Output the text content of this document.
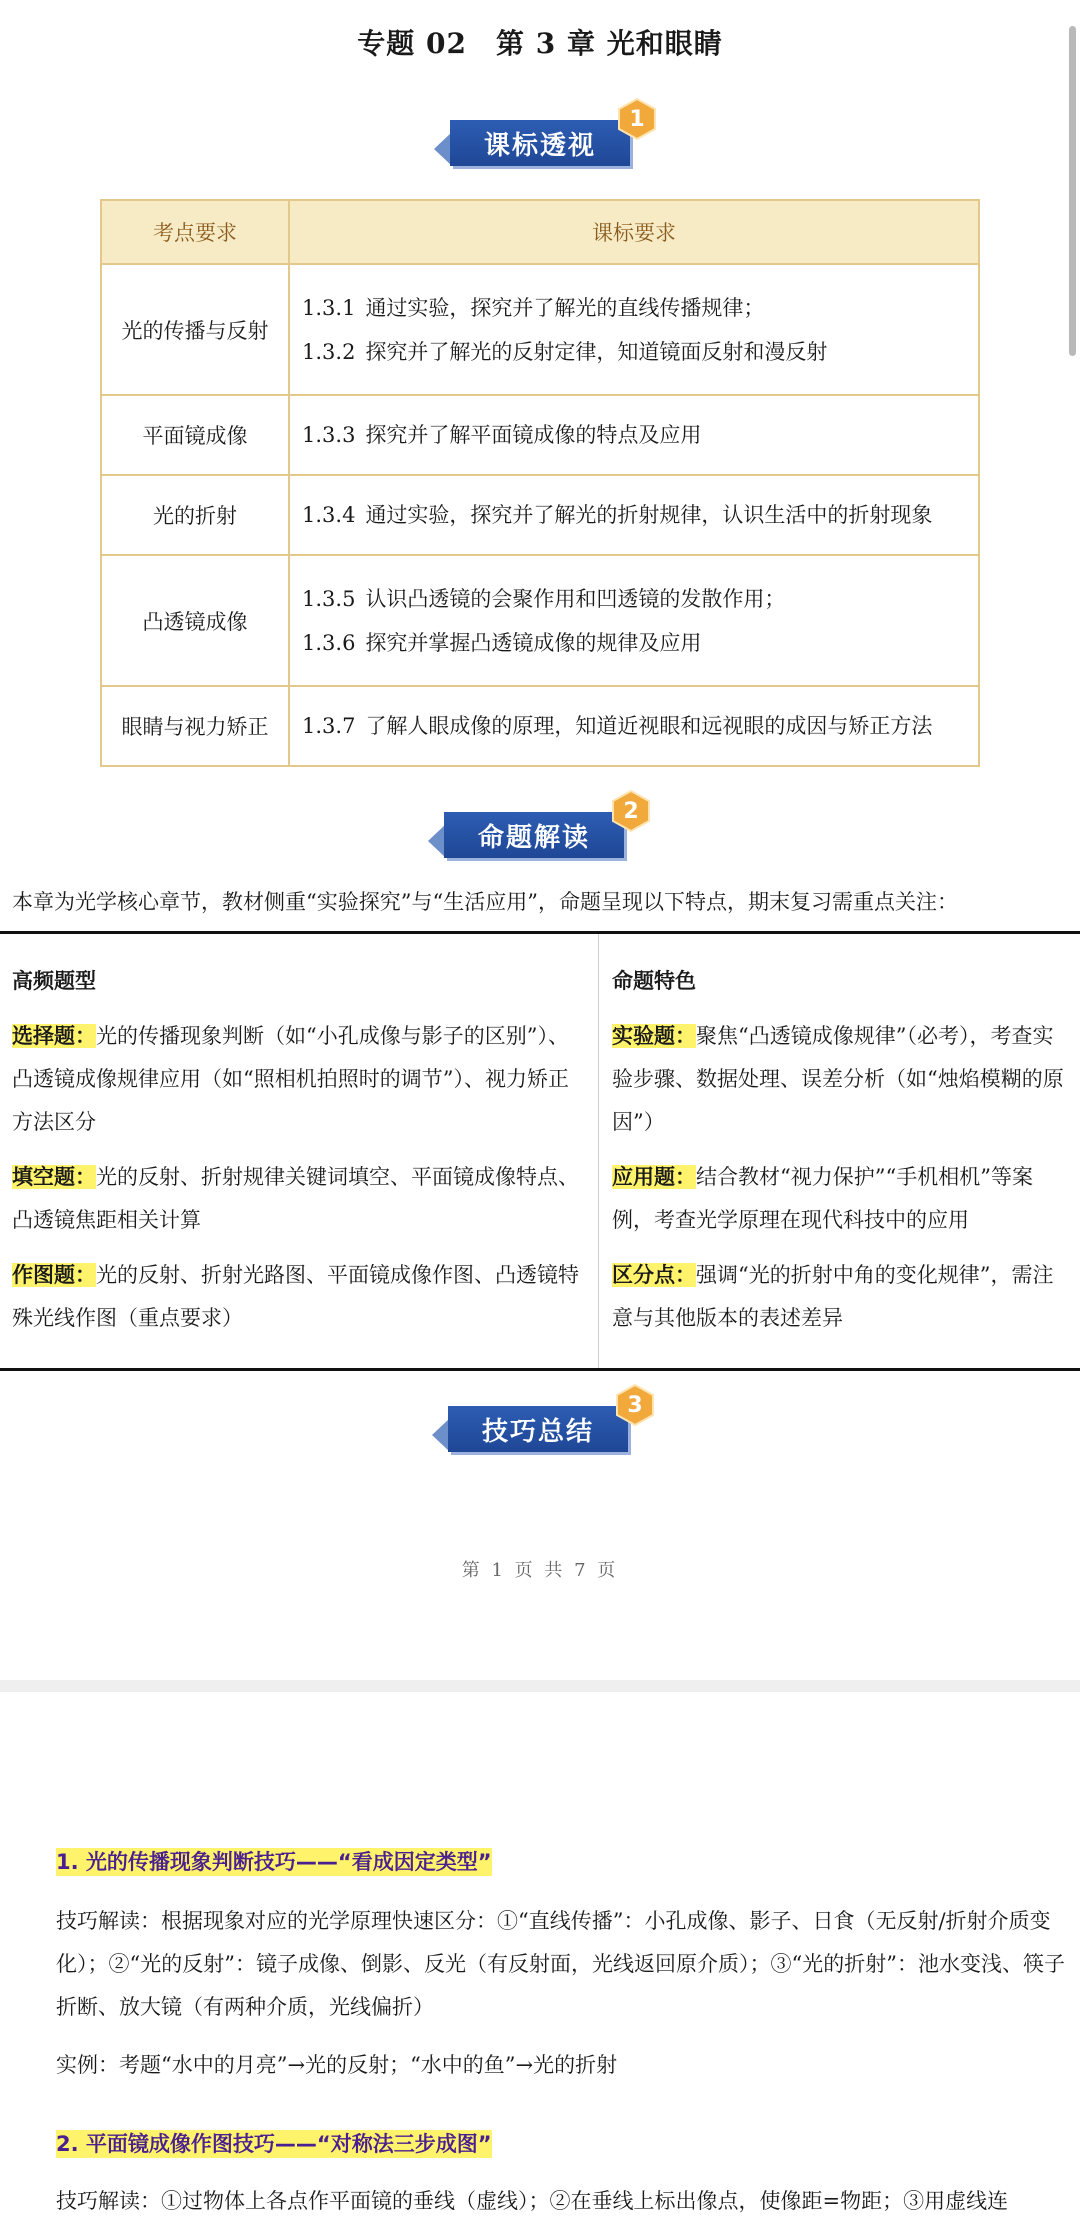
专题 02　第 3 章 光和眼睛
课标透视
1
考点要求	课标要求
光的传播与反射	1.3.1 通过实验，探究并了解光的直线传播规律；
1.3.2 探究并了解光的反射定律，知道镜面反射和漫反射

平面镜成像	1.3.3 探究并了解平面镜成像的特点及应用

光的折射	1.3.4 通过实验，探究并了解光的折射规律，认识生活中的折射现象

凸透镜成像	1.3.5 认识凸透镜的会聚作用和凹透镜的发散作用；
1.3.6 探究并掌握凸透镜成像的规律及应用

眼睛与视力矫正	1.3.7 了解人眼成像的原理，知道近视眼和远视眼的成因与矫正方法
命题解读
2
本章为光学核心章节，教材侧重“实验探究”与“生活应用”，命题呈现以下特点，期末复习需重点关注：
高频题型
选择题：光的传播现象判断（如“小孔成像与影子的区别”）、凸透镜成像规律应用（如“照相机拍照时的调节”）、视力矫正方法区分
填空题：光的反射、折射规律关键词填空、平面镜成像特点、凸透镜焦距相关计算
作图题：光的反射、折射光路图、平面镜成像作图、凸透镜特殊光线作图（重点要求）
命题特色
实验题：聚焦“凸透镜成像规律”（必考），考查实验步骤、数据处理、误差分析（如“烛焰模糊的原因”）
应用题：结合教材“视力保护”“手机相机”等案例，考查光学原理在现代科技中的应用
区分点：强调“光的折射中角的变化规律”，需注意与其他版本的表述差异
技巧总结
3
第 1 页 共 7 页
1. 光的传播现象判断技巧——“看成因定类型”
技巧解读：根据现象对应的光学原理快速区分：①“直线传播”：小孔成像、影子、日食（无反射/折射介质变化）；②“光的反射”：镜子成像、倒影、反光（有反射面，光线返回原介质）；③“光的折射”：池水变浅、筷子折断、放大镜（有两种介质，光线偏折）
实例：考题“水中的月亮”→光的反射；“水中的鱼”→光的折射
2. 平面镜成像作图技巧——“对称法三步成图”
技巧解读：①过物体上各点作平面镜的垂线（虚线）；②在垂线上标出像点，使像距=物距；③用虚线连
